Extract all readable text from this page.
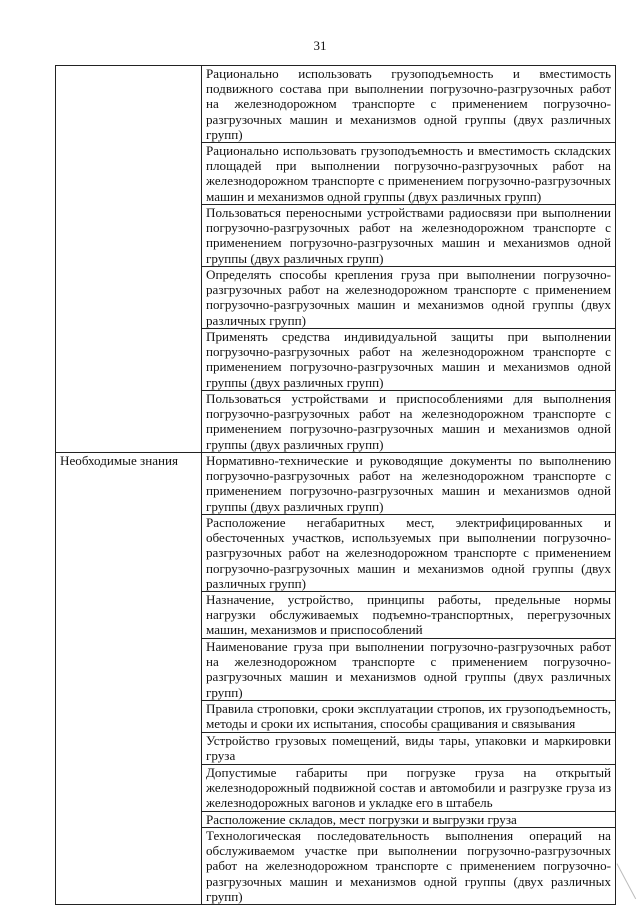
31
	Рационально использовать грузоподъемность и вместимость подвижного состава при выполнении погрузочно-разгрузочных работ на железнодорожном транспорте с применением погрузочно-разгрузочных машин и механизмов одной группы (двух различных групп)
	Рационально использовать грузоподъемность и вместимость складских площадей при выполнении погрузочно-разгрузочных работ на железнодорожном транспорте с применением погрузочно-разгрузочных машин и механизмов одной группы (двух различных групп)
	Пользоваться переносными устройствами радиосвязи при выполнении погрузочно-разгрузочных работ на железнодорожном транспорте с применением погрузочно-разгрузочных машин и механизмов одной группы (двух различных групп)
	Определять способы крепления груза при выполнении погрузочно-разгрузочных работ на железнодорожном транспорте с применением погрузочно-разгрузочных машин и механизмов одной группы (двух различных групп)
	Применять средства индивидуальной защиты при выполнении погрузочно-разгрузочных работ на железнодорожном транспорте с применением погрузочно-разгрузочных машин и механизмов одной группы (двух различных групп)
	Пользоваться устройствами и приспособлениями для выполнения погрузочно-разгрузочных работ на железнодорожном транспорте с применением погрузочно-разгрузочных машин и механизмов одной группы (двух различных групп)
Необходимые знания	Нормативно-технические и руководящие документы по выполнению погрузочно-разгрузочных работ на железнодорожном транспорте с применением погрузочно-разгрузочных машин и механизмов одной группы (двух различных групп)
	Расположение негабаритных мест, электрифицированных и обесточенных участков, используемых при выполнении погрузочно-разгрузочных работ на железнодорожном транспорте с применением погрузочно-разгрузочных машин и механизмов одной группы (двух различных групп)
	Назначение, устройство, принципы работы, предельные нормы нагрузки обслуживаемых подъемно-транспортных, перегрузочных машин, механизмов и приспособлений
	Наименование груза при выполнении погрузочно-разгрузочных работ на железнодорожном транспорте с применением погрузочно-разгрузочных машин и механизмов одной группы (двух различных групп)
	Правила строповки, сроки эксплуатации стропов, их грузоподъемность, методы и сроки их испытания, способы сращивания и связывания
	Устройство грузовых помещений, виды тары, упаковки и маркировки груза
	Допустимые габариты при погрузке груза на открытый железнодорожный подвижной состав и автомобили и разгрузке груза из железнодорожных вагонов и укладке его в штабель
	Расположение складов, мест погрузки и выгрузки груза
	Технологическая последовательность выполнения операций на обслуживаемом участке при выполнении погрузочно-разгрузочных работ на железнодорожном транспорте с применением погрузочно-разгрузочных машин и механизмов одной группы (двух различных групп)
